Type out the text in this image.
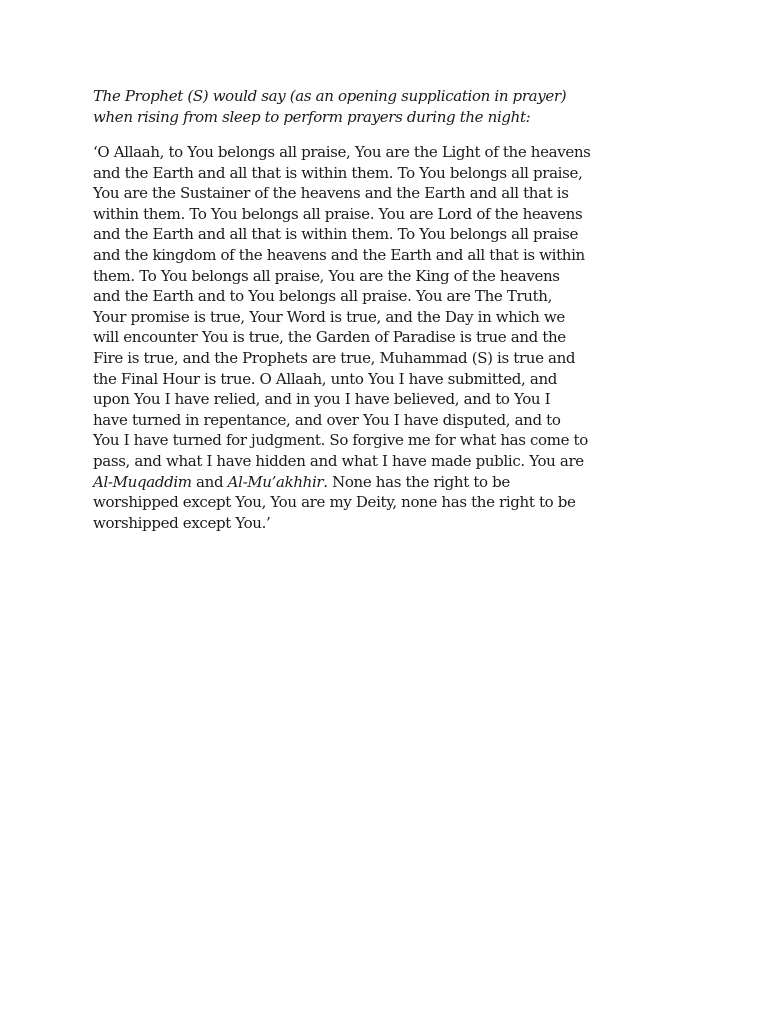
The Prophet (S) would say (as an opening supplication in prayer)
when rising from sleep to perform prayers during the night:

‘O Allaah, to You belongs all praise, You are the Light of the heavens
and the Earth and all that is within them. To You belongs all praise,
You are the Sustainer of the heavens and the Earth and all that is
within them. To You belongs all praise. You are Lord of the heavens
and the Earth and all that is within them. To You belongs all praise
and the kingdom of the heavens and the Earth and all that is within
them. To You belongs all praise, You are the King of the heavens
and the Earth and to You belongs all praise. You are The Truth,
Your promise is true, Your Word is true, and the Day in which we
will encounter You is true, the Garden of Paradise is true and the
Fire is true, and the Prophets are true, Muhammad (S) is true and
the Final Hour is true. O Allaah, unto You I have submitted, and
upon You I have relied, and in you I have believed, and to You I
have turned in repentance, and over You I have disputed, and to
You I have turned for judgment. So forgive me for what has come to
pass, and what I have hidden and what I have made public. You are
Al-Muqaddim and Al-Mu’akhhir. None has the right to be
worshipped except You, You are my Deity, none has the right to be
worshipped except You.’
